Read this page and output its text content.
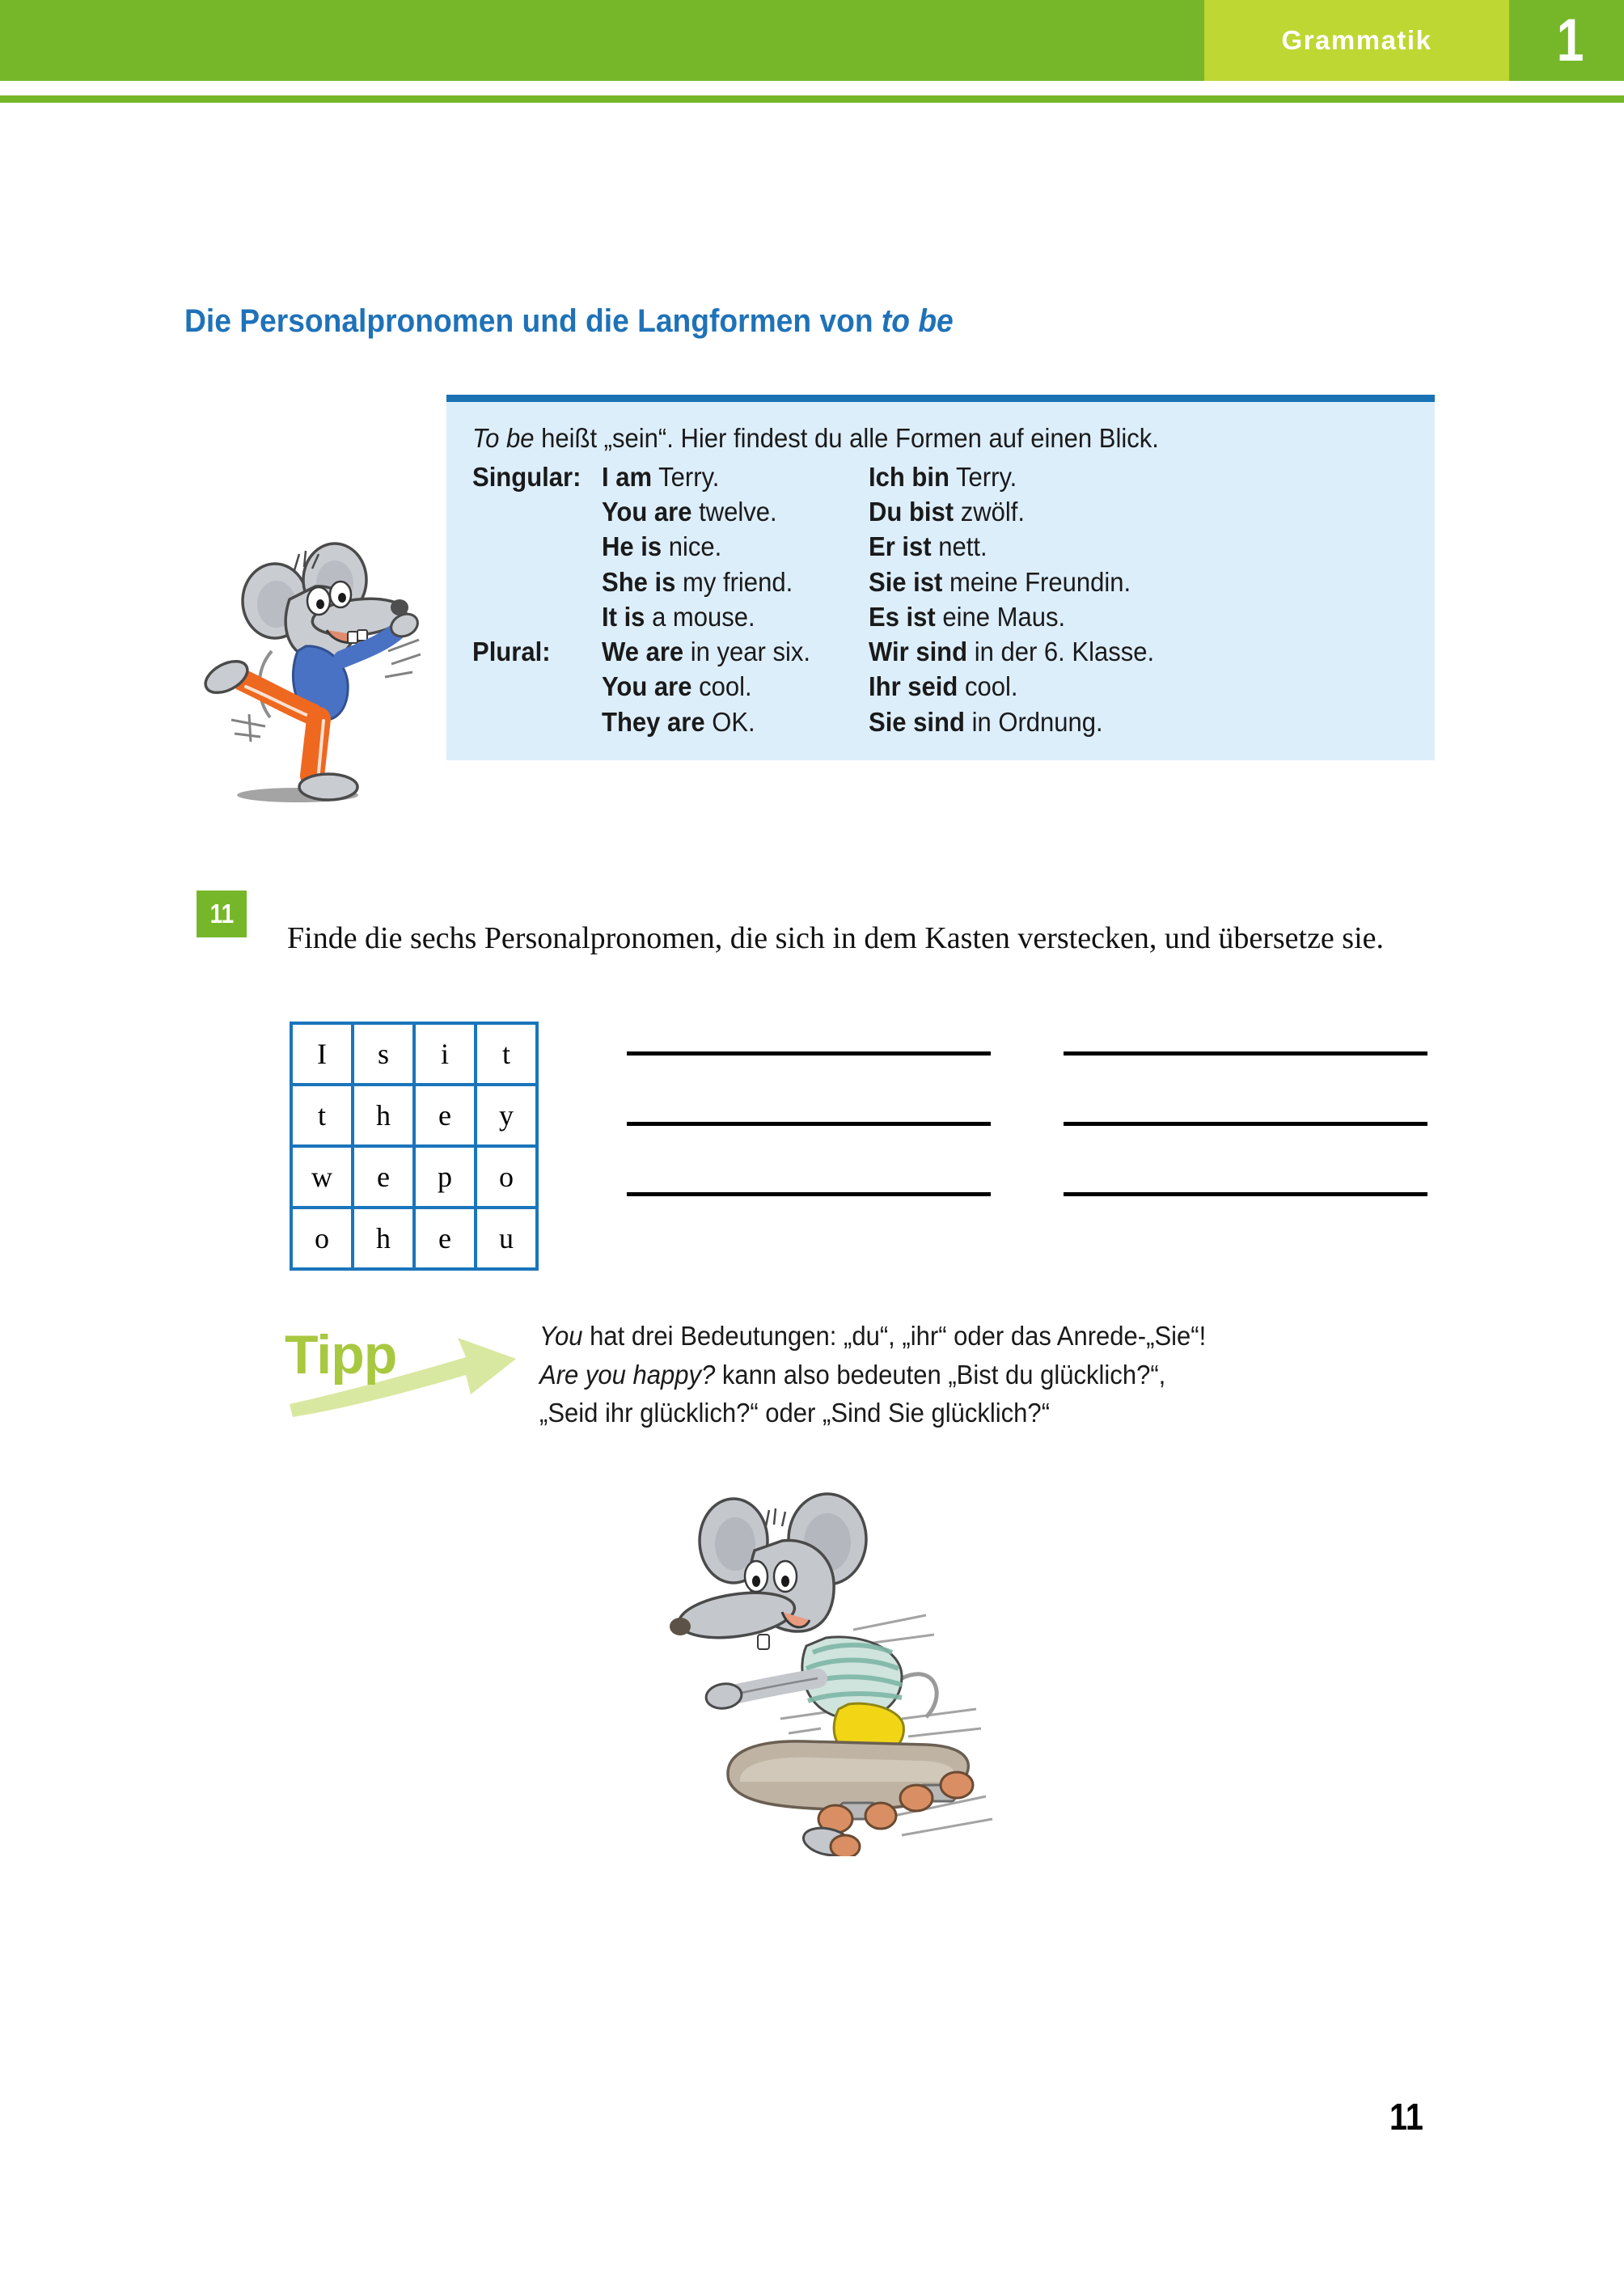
Grammatik 1
Die Personalpronomen und die Langformen von to be
To be heißt „sein“. Hier findest du alle Formen auf einen Blick.
Singular: I am Terry.	Ich bin Terry.
You are twelve.	Du bist zwölf.
He is nice.	Er ist nett.
She is my friend.	Sie ist meine Freundin.
It is a mouse.	Es ist eine Maus.
Plural:	We are in year six.	Wir sind in der 6. Klasse.
You are cool.	Ihr seid cool.
They are OK.	Sie sind in Ordnung.
11

Finde die sechs Personalpronomen, die sich in dem Kasten verstecken, und übersetze sie.

I	s	i	t
t	h	e	y
w	e	p	o
o	h	e	u
Tipp	You hat drei Bedeutungen: „du“, „ihr“ oder das Anrede-„Sie“!
Are you happy? kann also bedeuten „Bist du glücklich?“,
„Seid ihr glücklich?“ oder „Sind Sie glücklich?“
11
